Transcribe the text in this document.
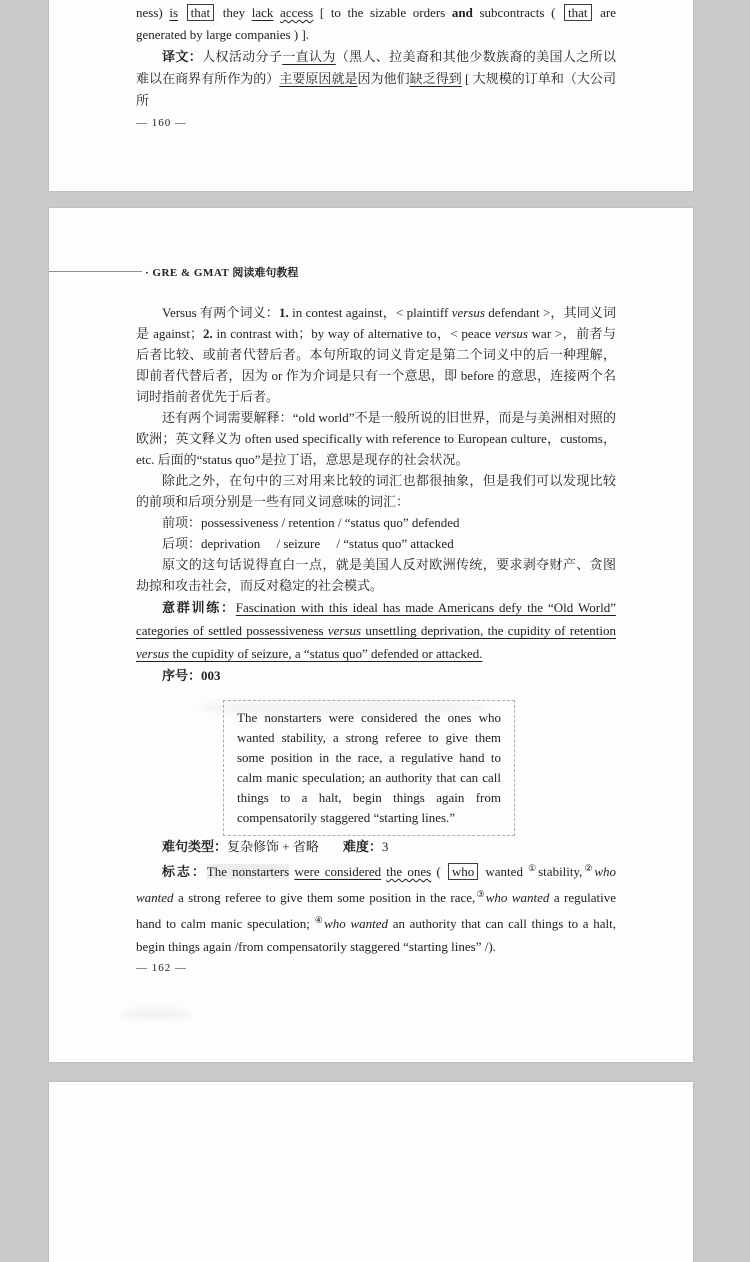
ness) is that they lack access [ to the sizable orders and subcontracts ( that are generated by large companies ) ].

译文：人权活动分子一直认为（黑人、拉美裔和其他少数族裔的美国人之所以难以在商界有所作为的）主要原因就是因为他们缺乏得到 [ 大规模的订单和（大公司所

— 160 —

· GRE & GMAT 阅读难句教程

Versus 有两个词义：1. in contest against，< plaintiff versus defendant >，其同义词是 against；2. in contrast with；by way of alternative to，< peace versus war >，前者与后者比较、或前者代替后者。本句所取的词义肯定是第二个词义中的后一种理解，即前者代替后者，因为 or 作为介词是只有一个意思，即 before 的意思，连接两个名词时指前者优先于后者。

还有两个词需要解释：“old world”不是一般所说的旧世界，而是与美洲相对照的欧洲；英文释义为 often used specifically with reference to European culture，customs，etc. 后面的“status quo”是拉丁语，意思是现存的社会状况。

除此之外，在句中的三对用来比较的词汇也都很抽象，但是我们可以发现比较的前项和后项分别是一些有同义词意味的词汇：

前项：possessiveness / retention / “status quo” defended

后项：deprivation　 / seizure　 / “status quo” attacked

原文的这句话说得直白一点，就是美国人反对欧洲传统，要求剥夺财产、贪图劫掠和攻击社会，而反对稳定的社会模式。

意群训练：Fascination with this ideal has made Americans defy the “Old World” categories of settled possessiveness versus unsettling deprivation, the cupidity of retention versus the cupidity of seizure, a “status quo” defended or attacked.

序号：003

The nonstarters were considered the ones who wanted stability, a strong referee to give them some position in the race, a regulative hand to calm manic speculation; an authority that can call things to a halt, begin things again from compensatorily staggered “starting lines.”

难句类型：复杂修饰 + 省略 难度：3

标志：The nonstarters were considered the ones ( who wanted ①stability,②who wanted a strong referee to give them some position in the race,③who wanted a regulative hand to calm manic speculation; ④who wanted an authority that can call things to a halt, begin things again /from compensatorily staggered “starting lines” /).

— 162 —
